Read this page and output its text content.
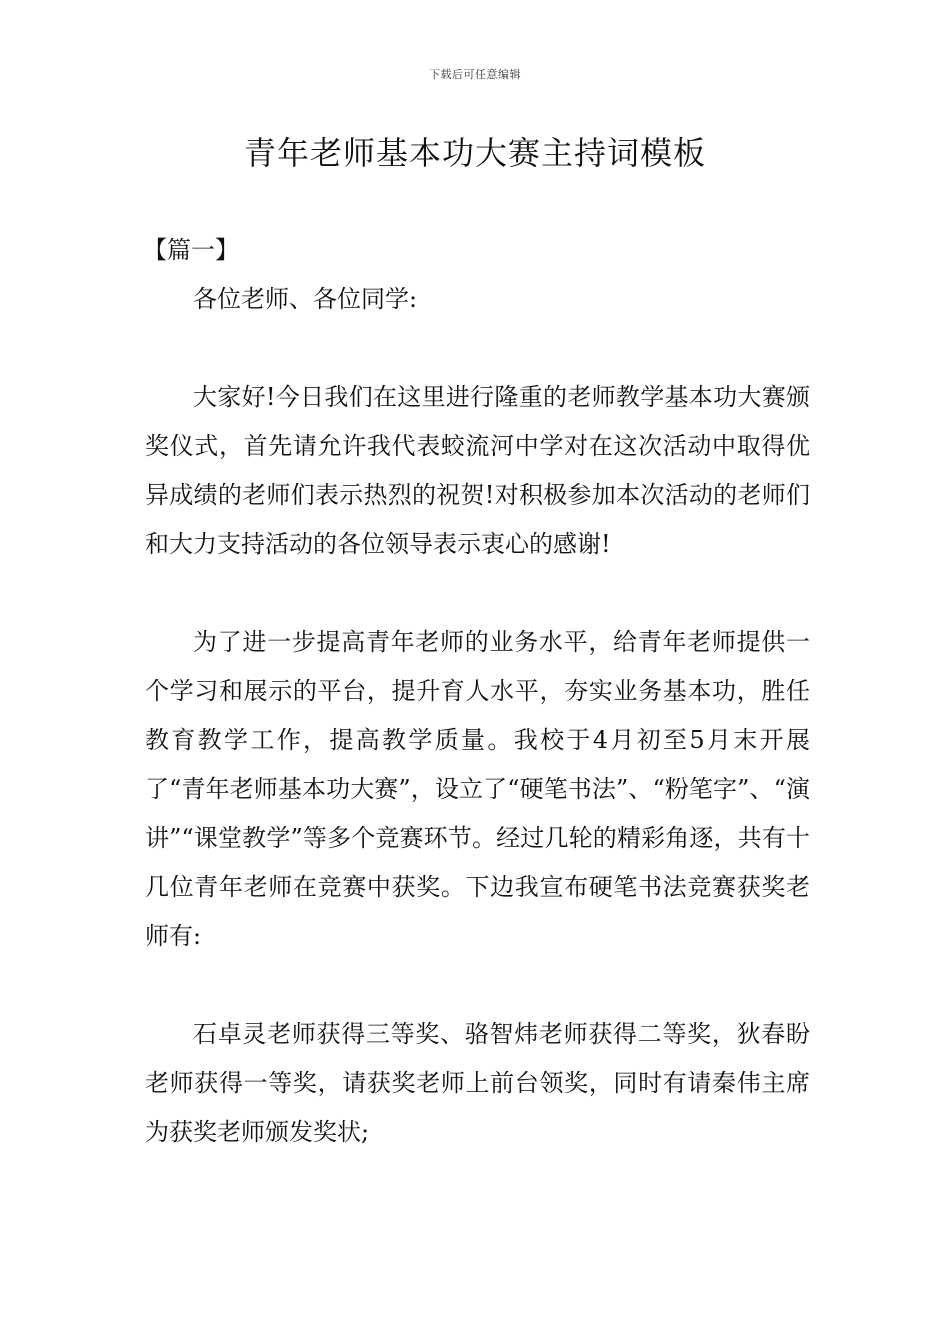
下载后可任意编辑
青年老师基本功大赛主持词模板

【篇一】

各位老师、各位同学:

大家好!今日我们在这里进行隆重的老师教学基本功大赛颁奖仪式，首先请允许我代表蛟流河中学对在这次活动中取得优异成绩的老师们表示热烈的祝贺!对积极参加本次活动的老师们和大力支持活动的各位领导表示衷心的感谢!

为了进一步提高青年老师的业务水平，给青年老师提供一个学习和展示的平台，提升育人水平，夯实业务基本功，胜任教育教学工作，提高教学质量。我校于4月初至5月末开展了“青年老师基本功大赛”，设立了“硬笔书法”、“粉笔字”、“演讲”“课堂教学”等多个竞赛环节。经过几轮的精彩角逐，共有十几位青年老师在竞赛中获奖。下边我宣布硬笔书法竞赛获奖老师有:

石卓灵老师获得三等奖、骆智炜老师获得二等奖，狄春盼老师获得一等奖，请获奖老师上前台领奖，同时有请秦伟主席为获奖老师颁发奖状;
